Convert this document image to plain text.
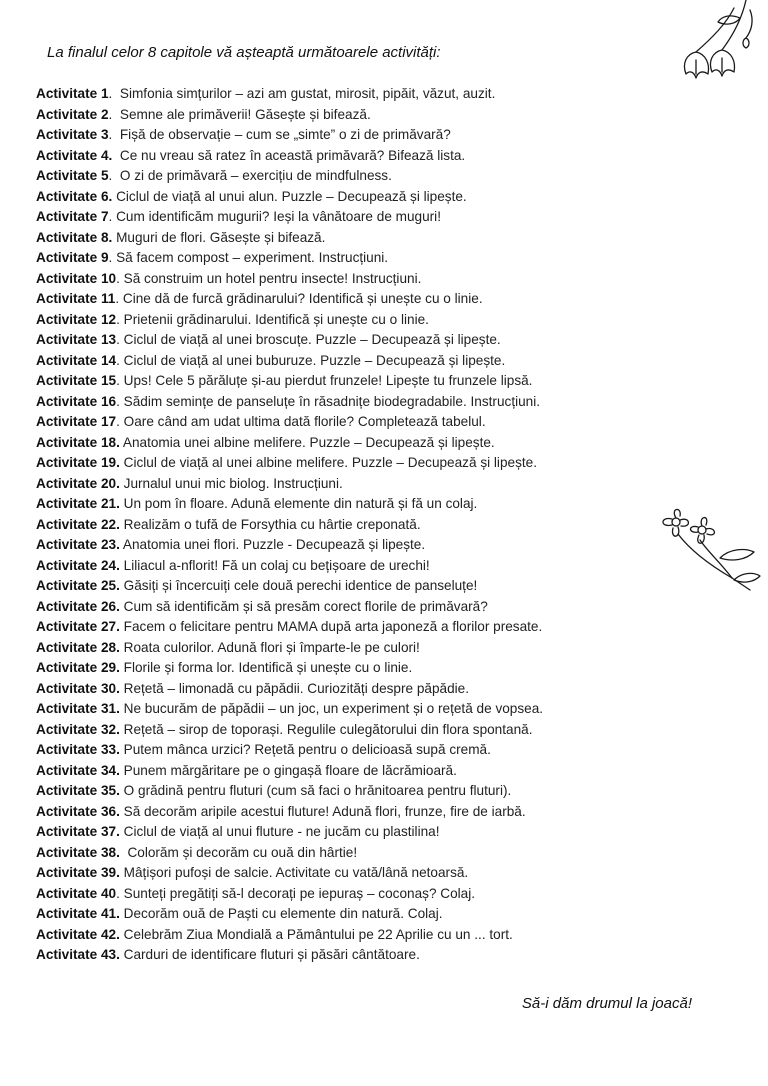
La finalul celor 8 capitole vă așteaptă următoarele activități:
Activitate 1.  Simfonia simțurilor – azi am gustat, mirosit, pipăit, văzut, auzit.
Activitate 2.  Semne ale primăverii! Găsește și bifează.
Activitate 3.  Fișă de observație – cum se „simte” o zi de primăvară?
Activitate 4. Ce nu vreau să ratez în această primăvară? Bifează lista.
Activitate 5.  O zi de primăvară – exercițiu de mindfulness.
Activitate 6. Ciclul de viață al unui alun. Puzzle – Decupează și lipește.
Activitate 7. Cum identificăm mugurii? Ieși la vânătoare de muguri!
Activitate 8. Muguri de flori. Găsește și bifează.
Activitate 9. Să facem compost – experiment. Instrucțiuni.
Activitate 10. Să construim un hotel pentru insecte! Instrucțiuni.
Activitate 11. Cine dă de furcă grădinarului? Identifică și unește cu o linie.
Activitate 12. Prietenii grădinarului. Identifică și unește cu o linie.
Activitate 13. Ciclul de viață al unei broscuțe. Puzzle – Decupează și lipește.
Activitate 14. Ciclul de viață al unei buburuze. Puzzle – Decupează și lipește.
Activitate 15. Ups! Cele 5 părăluțe și-au pierdut frunzele! Lipește tu frunzele lipsă.
Activitate 16. Sădim semințe de panseluțe în răsadnițe biodegradabile. Instrucțiuni.
Activitate 17. Oare când am udat ultima dată florile? Completează tabelul.
Activitate 18. Anatomia unei albine melifere. Puzzle – Decupează și lipește.
Activitate 19. Ciclul de viață al unei albine melifere. Puzzle – Decupează și lipește.
Activitate 20. Jurnalul unui mic biolog. Instrucțiuni.
Activitate 21. Un pom în floare. Adună elemente din natură și fă un colaj.
Activitate 22. Realizăm o tufă de Forsythia cu hârtie creponată.
Activitate 23. Anatomia unei flori. Puzzle - Decupează și lipește.
Activitate 24. Liliacul a-nflorit! Fă un colaj cu bețișoare de urechi!
Activitate 25. Găsiți și încercuiți cele două perechi identice de panseluțe!
Activitate 26. Cum să identificăm și să presăm corect florile de primăvară?
Activitate 27. Facem o felicitare pentru MAMA după arta japoneză a florilor presate.
Activitate 28. Roata culorilor. Adună flori și împarte-le pe culori!
Activitate 29. Florile și forma lor. Identifică și unește cu o linie.
Activitate 30. Rețetă – limonadă cu păpădii. Curiozități despre păpădie.
Activitate 31. Ne bucurăm de păpădii – un joc, un experiment și o rețetă de vopsea.
Activitate 32. Rețetă – sirop de toporași. Regulile culegătorului din flora spontană.
Activitate 33. Putem mânca urzici? Rețetă pentru o delicioasă supă cremă.
Activitate 34. Punem mărgăritare pe o gingașă floare de lăcrămioară.
Activitate 35. O grădină pentru fluturi (cum să faci o hrănitoarea pentru fluturi).
Activitate 36. Să decorăm aripile acestui fluture! Adună flori, frunze, fire de iarbă.
Activitate 37. Ciclul de viață al unui fluture - ne jucăm cu plastilina!
Activitate 38. Colorăm și decorăm cu ouă din hârtie!
Activitate 39. Mâțișori pufoși de salcie. Activitate cu vată/lână netoarsă.
Activitate 40. Sunteți pregătiți să-l decorați pe iepuraș – coconaș? Colaj.
Activitate 41. Decorăm ouă de Paști cu elemente din natură. Colaj.
Activitate 42. Celebrăm Ziua Mondială a Pământului pe 22 Aprilie cu un ... tort.
Activitate 43. Carduri de identificare fluturi și păsări cântătoare.
Să-i dăm drumul la joacă!
